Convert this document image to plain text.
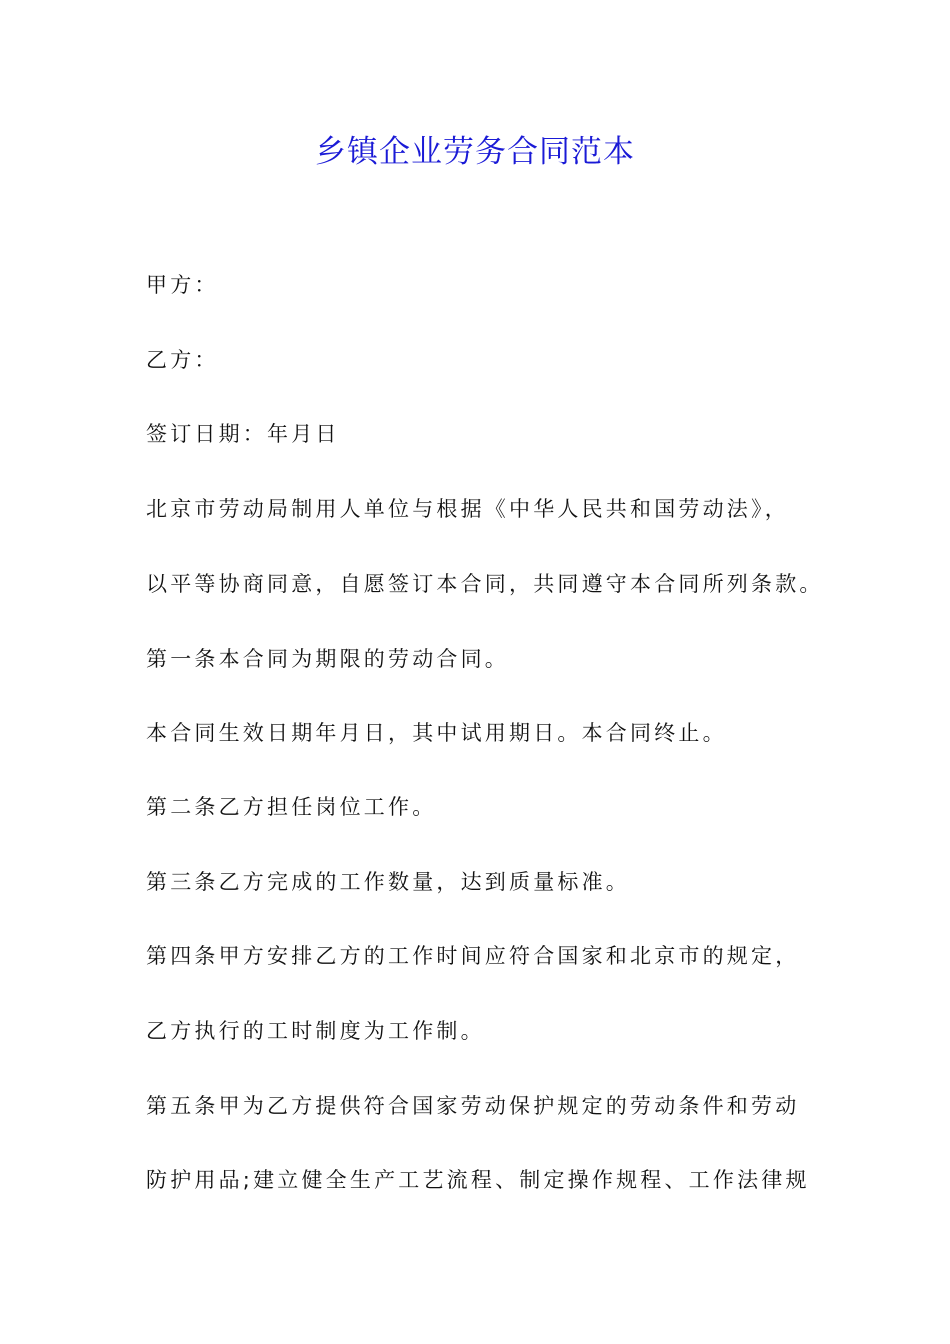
乡镇企业劳务合同范本
甲方：
乙方：
签订日期：年月日
北京市劳动局制用人单位与根据《中华人民共和国劳动法》，
以平等协商同意，自愿签订本合同，共同遵守本合同所列条款。
第一条本合同为期限的劳动合同。
本合同生效日期年月日，其中试用期日。本合同终止。
第二条乙方担任岗位工作。
第三条乙方完成的工作数量，达到质量标准。
第四条甲方安排乙方的工作时间应符合国家和北京市的规定，
乙方执行的工时制度为工作制。
第五条甲为乙方提供符合国家劳动保护规定的劳动条件和劳动
防护用品;建立健全生产工艺流程、制定操作规程、工作法律规
